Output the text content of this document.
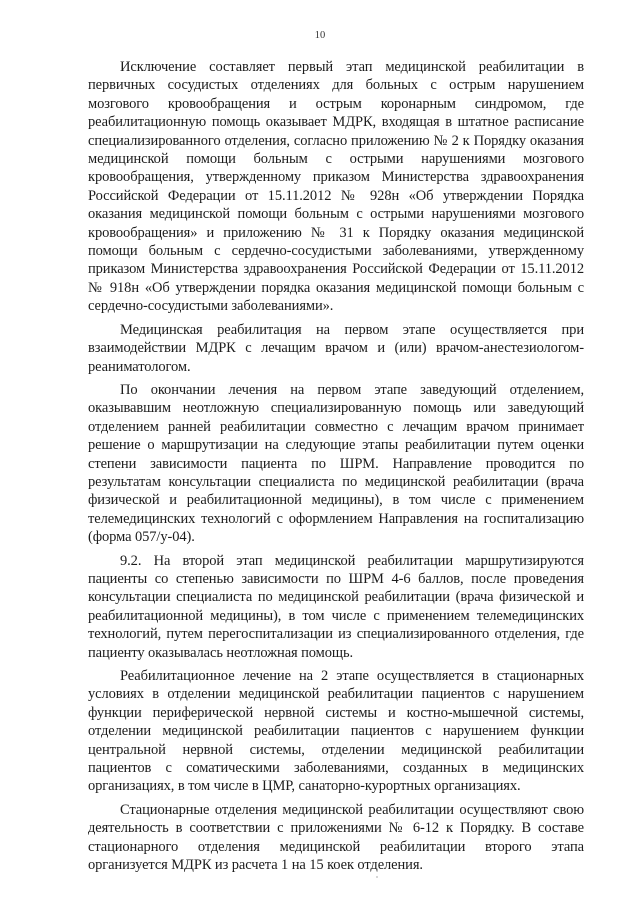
10

Исключение составляет первый этап медицинской реабилитации в первичных сосудистых отделениях для больных с острым нарушением мозгового кровообращения и острым коронарным синдромом, где реабилитационную помощь оказывает МДРК, входящая в штатное расписание специализированного отделения, согласно приложению № 2 к Порядку оказания медицинской помощи больным с острыми нарушениями мозгового кровообращения, утвержденному приказом Министерства здравоохранения Российской Федерации от 15.11.2012 № 928н «Об утверждении Порядка оказания медицинской помощи больным с острыми нарушениями мозгового кровообращения» и приложению № 31 к Порядку оказания медицинской помощи больным с сердечно-сосудистыми заболеваниями, утвержденному приказом Министерства здравоохранения Российской Федерации от 15.11.2012 № 918н «Об утверждении порядка оказания медицинской помощи больным с сердечно-сосудистыми заболеваниями».

Медицинская реабилитация на первом этапе осуществляется при взаимодействии МДРК с лечащим врачом и (или) врачом-анестезиологом-реаниматологом.

По окончании лечения на первом этапе заведующий отделением, оказывавшим неотложную специализированную помощь или заведующий отделением ранней реабилитации совместно с лечащим врачом принимает решение о маршрутизации на следующие этапы реабилитации путем оценки степени зависимости пациента по ШРМ. Направление проводится по результатам консультации специалиста по медицинской реабилитации (врача физической и реабилитационной медицины), в том числе с применением телемедицинских технологий с оформлением Направления на госпитализацию (форма 057/у-04).

9.2. На второй этап медицинской реабилитации маршрутизируются пациенты со степенью зависимости по ШРМ 4-6 баллов, после проведения консультации специалиста по медицинской реабилитации (врача физической и реабилитационной медицины), в том числе с применением телемедицинских технологий, путем перегоспитализации из специализированного отделения, где пациенту оказывалась неотложная помощь.

Реабилитационное лечение на 2 этапе осуществляется в стационарных условиях в отделении медицинской реабилитации пациентов с нарушением функции периферической нервной системы и костно-мышечной системы, отделении медицинской реабилитации пациентов с нарушением функции центральной нервной системы, отделении медицинской реабилитации пациентов с соматическими заболеваниями, созданных в медицинских организациях, в том числе в ЦМР, санаторно-курортных организациях.

Стационарные отделения медицинской реабилитации осуществляют свою деятельность в соответствии с приложениями № 6-12 к Порядку. В составе стационарного отделения медицинской реабилитации второго этапа организуется МДРК из расчета 1 на 15 коек отделения.
